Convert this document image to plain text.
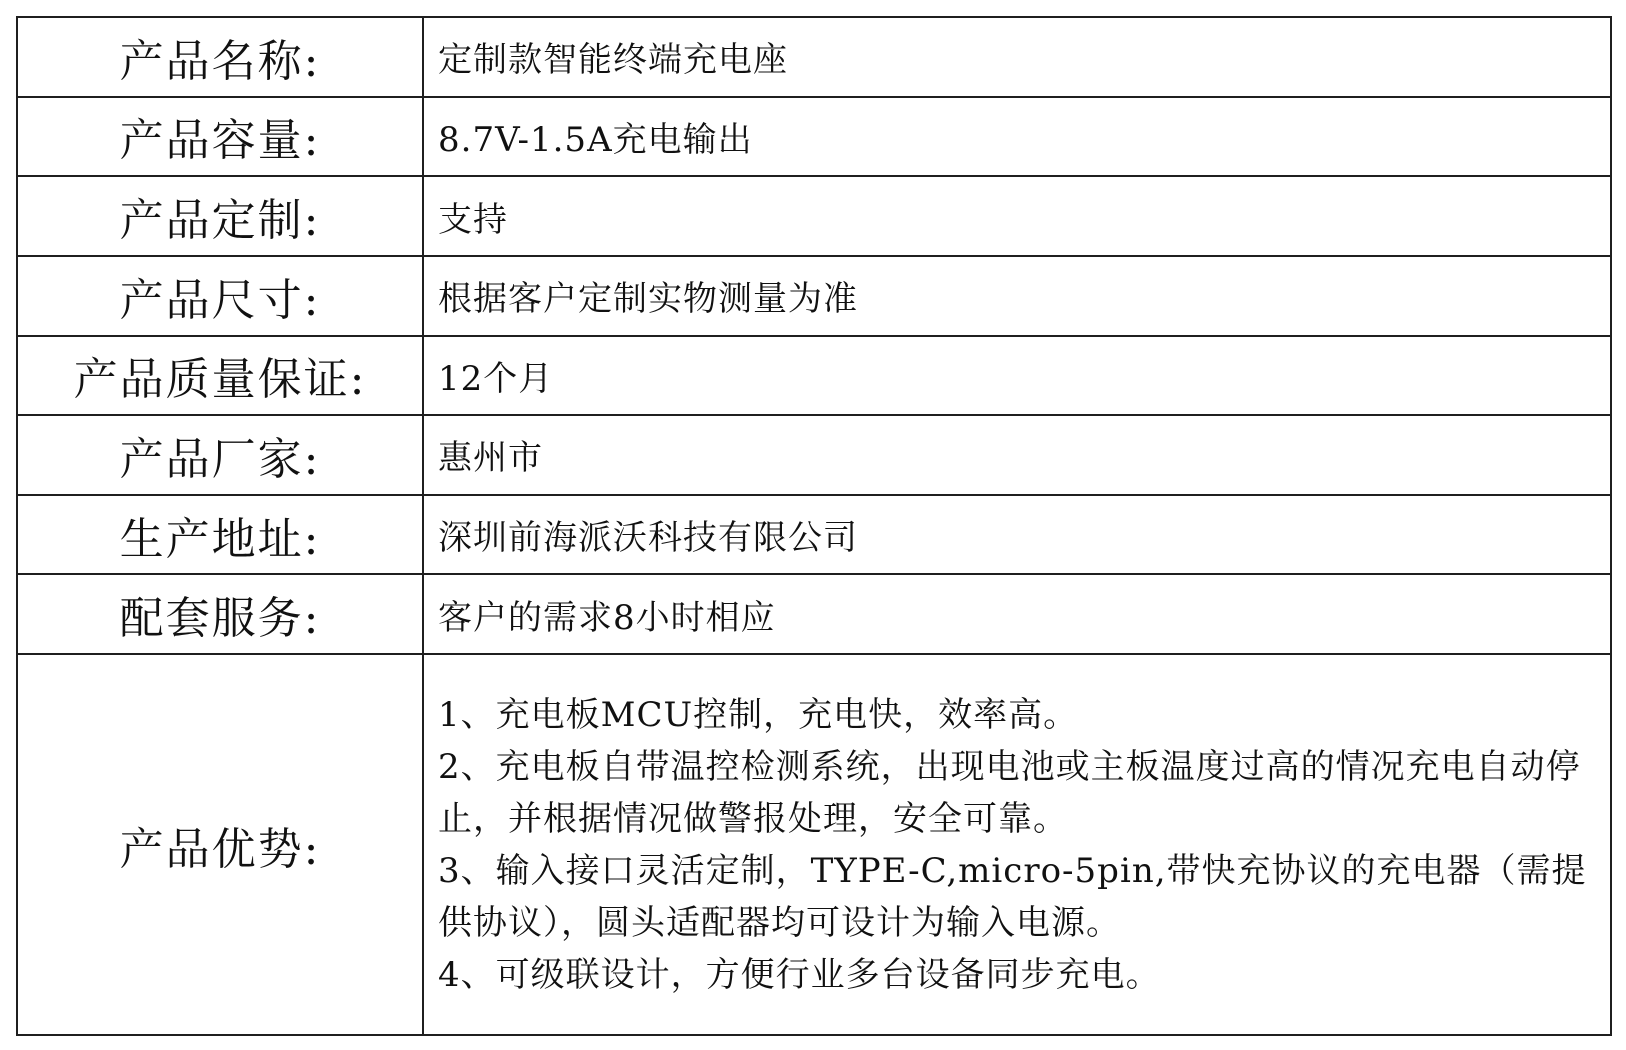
产品名称:	定制款智能终端充电座
产品容量:	8.7V-1.5A充电输出
产品定制:	支持
产品尺寸:	根据客户定制实物测量为准
产品质量保证:	12个月
产品厂家:	惠州市
生产地址:	深圳前海派沃科技有限公司
配套服务:	客户的需求8小时相应
产品优势:	1、充电板MCU控制，充电快，效率高。
2、充电板自带温控检测系统，出现电池或主板温度过高的情况充电自动停止，并根据情况做警报处理，安全可靠。
3、输入接口灵活定制，TYPE-C,micro-5pin,带快充协议的充电器（需提供协议），圆头适配器均可设计为输入电源。
4、可级联设计，方便行业多台设备同步充电。
